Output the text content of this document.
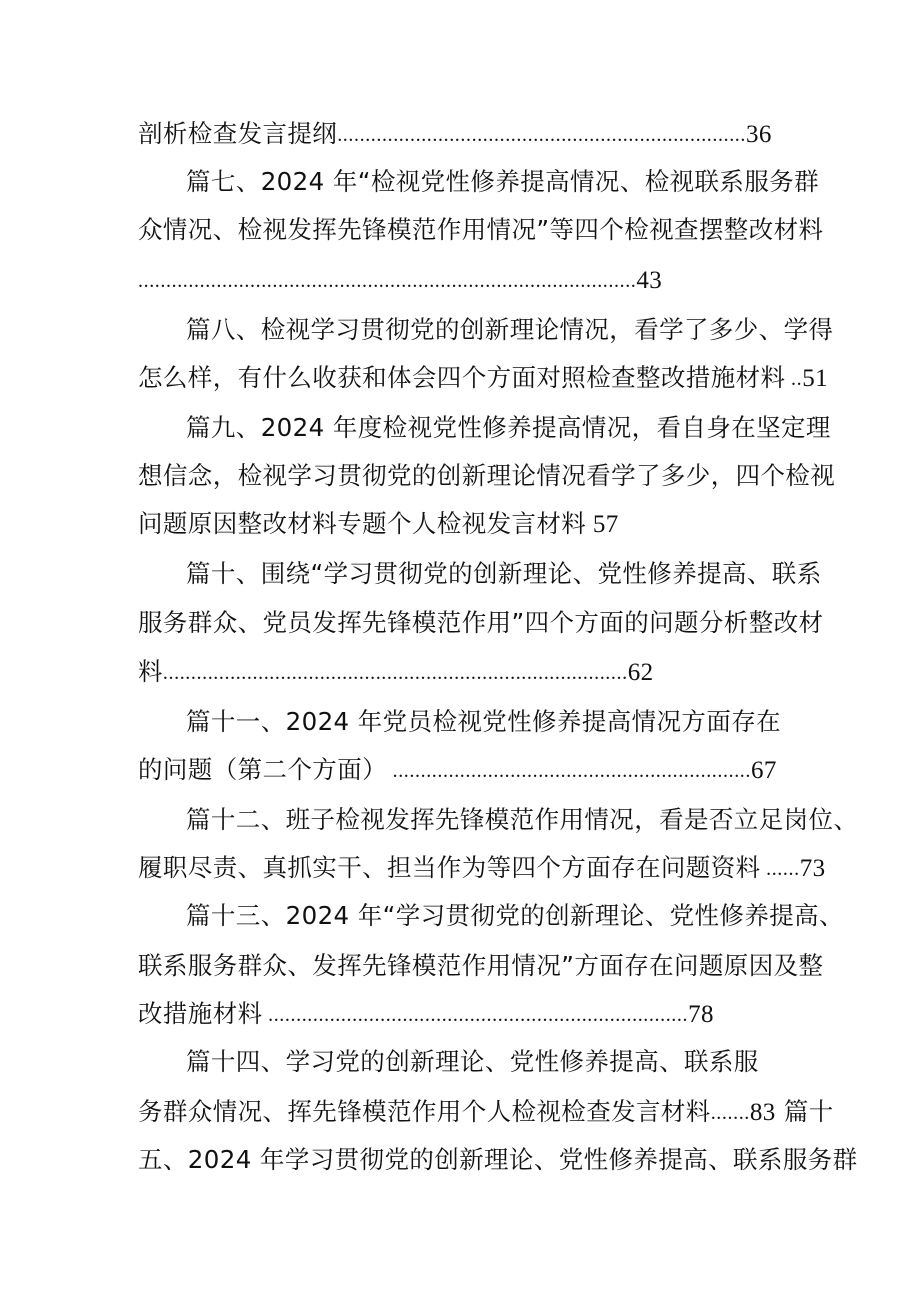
剖析检查发言提纲.........................................................................36
篇七、2024 年“检视党性修养提高情况、检视联系服务群
众情况、检视发挥先锋模范作用情况”等四个检视查摆整改材料
.........................................................................................43
篇八、检视学习贯彻党的创新理论情况，看学了多少、学得
怎么样，有什么收获和体会四个方面对照检查整改措施材料 ..51
篇九、2024 年度检视党性修养提高情况，看自身在坚定理
想信念，检视学习贯彻党的创新理论情况看学了多少，四个检视
问题原因整改材料专题个人检视发言材料 57
篇十、围绕“学习贯彻党的创新理论、党性修养提高、联系
服务群众、党员发挥先锋模范作用”四个方面的问题分析整改材
料...................................................................................62
篇十一、2024 年党员检视党性修养提高情况方面存在
的问题（第二个方面） ................................................................67
篇十二、班子检视发挥先锋模范作用情况，看是否立足岗位、
履职尽责、真抓实干、担当作为等四个方面存在问题资料 ......73
篇十三、2024 年“学习贯彻党的创新理论、党性修养提高、
联系服务群众、发挥先锋模范作用情况”方面存在问题原因及整
改措施材料 ...........................................................................78
篇十四、学习党的创新理论、党性修养提高、联系服
务群众情况、挥先锋模范作用个人检视检查发言材料.......83 篇十
五、2024 年学习贯彻党的创新理论、党性修养提高、联系服务群
